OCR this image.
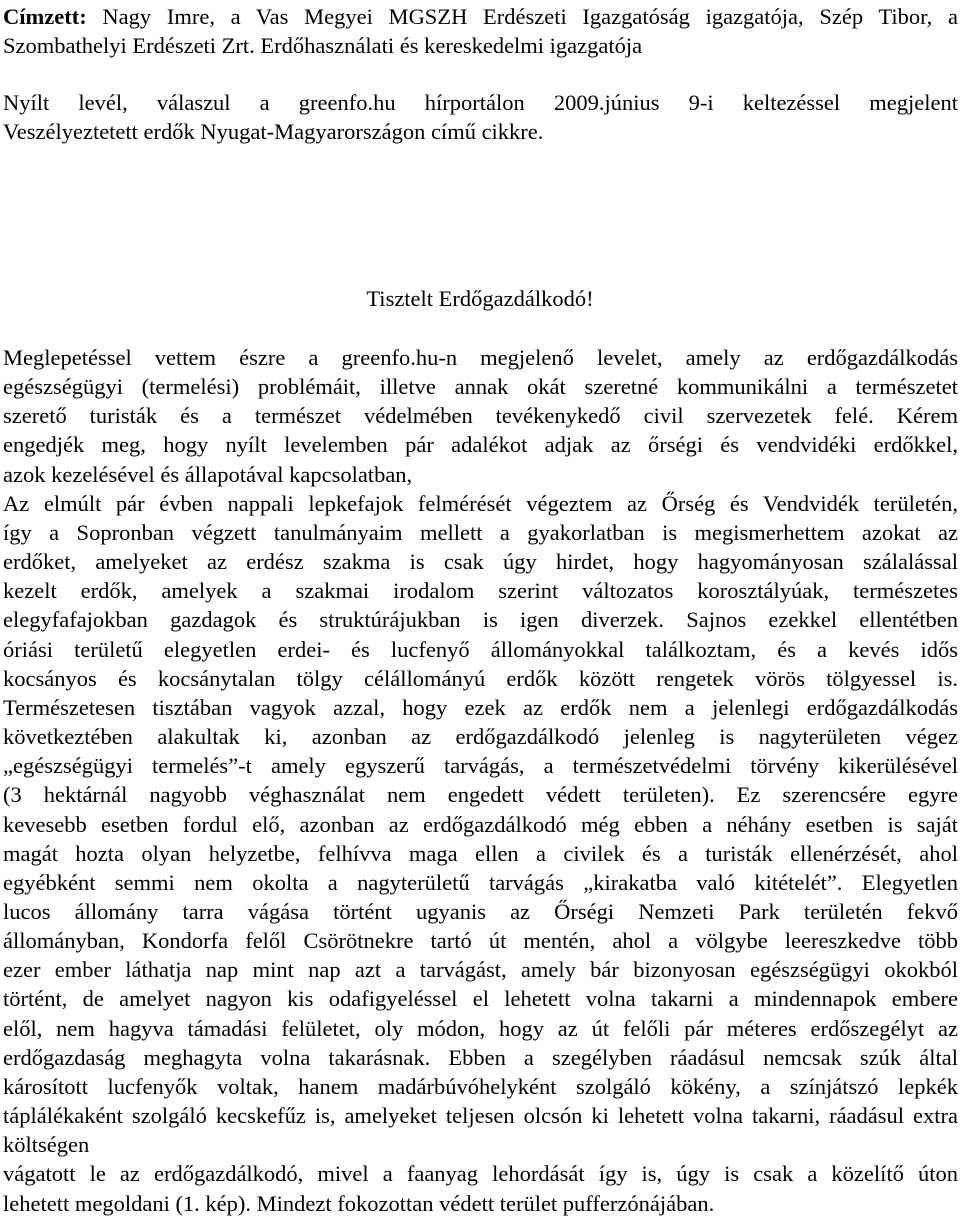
Címzett: Nagy Imre, a Vas Megyei MGSZH Erdészeti Igazgatóság igazgatója, Szép Tibor, a
Szombathelyi Erdészeti Zrt. Erdőhasználati és kereskedelmi igazgatója
Nyílt levél, válaszul a greenfo.hu hírportálon 2009.június 9-i keltezéssel megjelent
Veszélyeztetett erdők Nyugat-Magyarországon című cikkre.
Tisztelt Erdőgazdálkodó!
Meglepetéssel vettem észre a greenfo.hu-n megjelenő levelet, amely az erdőgazdálkodás
egészségügyi (termelési) problémáit, illetve annak okát szeretné kommunikálni a természetet
szerető turisták és a természet védelmében tevékenykedő civil szervezetek felé. Kérem
engedjék meg, hogy nyílt levelemben pár adalékot adjak az őrségi és vendvidéki erdőkkel,
azok kezelésével és állapotával kapcsolatban,
Az elmúlt pár évben nappali lepkefajok felmérését végeztem az Őrség és Vendvidék területén,
így a Sopronban végzett tanulmányaim mellett a gyakorlatban is megismerhettem azokat az
erdőket, amelyeket az erdész szakma is csak úgy hirdet, hogy hagyományosan szálalással
kezelt erdők, amelyek a szakmai irodalom szerint változatos korosztályúak, természetes
elegyfafajokban gazdagok és struktúrájukban is igen diverzek. Sajnos ezekkel ellentétben
óriási területű elegyetlen erdei- és lucfenyő állományokkal találkoztam, és a kevés idős
kocsányos és kocsánytalan tölgy célállományú erdők között rengetek vörös tölgyessel is.
Természetesen tisztában vagyok azzal, hogy ezek az erdők nem a jelenlegi erdőgazdálkodás
következtében alakultak ki, azonban az erdőgazdálkodó jelenleg is nagyterületen végez
„egészségügyi termelés”-t amely egyszerű tarvágás, a természetvédelmi törvény kikerülésével
(3 hektárnál nagyobb véghasználat nem engedett védett területen). Ez szerencsére egyre
kevesebb esetben fordul elő, azonban az erdőgazdálkodó még ebben a néhány esetben is saját
magát hozta olyan helyzetbe, felhívva maga ellen a civilek és a turisták ellenérzését, ahol
egyébként semmi nem okolta a nagyterületű tarvágás „kirakatba való kitételét”. Elegyetlen
lucos állomány tarra vágása történt ugyanis az Őrségi Nemzeti Park területén fekvő
állományban, Kondorfa felől Csörötnekre tartó út mentén, ahol a völgybe leereszkedve több
ezer ember láthatja nap mint nap azt a tarvágást, amely bár bizonyosan egészségügyi okokból
történt, de amelyet nagyon kis odafigyeléssel el lehetett volna takarni a mindennapok embere
elől, nem hagyva támadási felületet, oly módon, hogy az út felőli pár méteres erdőszegélyt az
erdőgazdaság meghagyta volna takarásnak. Ebben a szegélyben ráadásul nemcsak szúk által
károsított lucfenyők voltak, hanem madárbúvóhelyként szolgáló kökény, a színjátszó lepkék
táplálékaként szolgáló kecskefűz is, amelyeket teljesen olcsón ki lehetett volna takarni, ráadásul extra költségen
vágatott le az erdőgazdálkodó, mivel a faanyag lehordását így is, úgy is csak a közelítő úton
lehetett megoldani (1. kép). Mindezt fokozottan védett terület pufferzónájában.
